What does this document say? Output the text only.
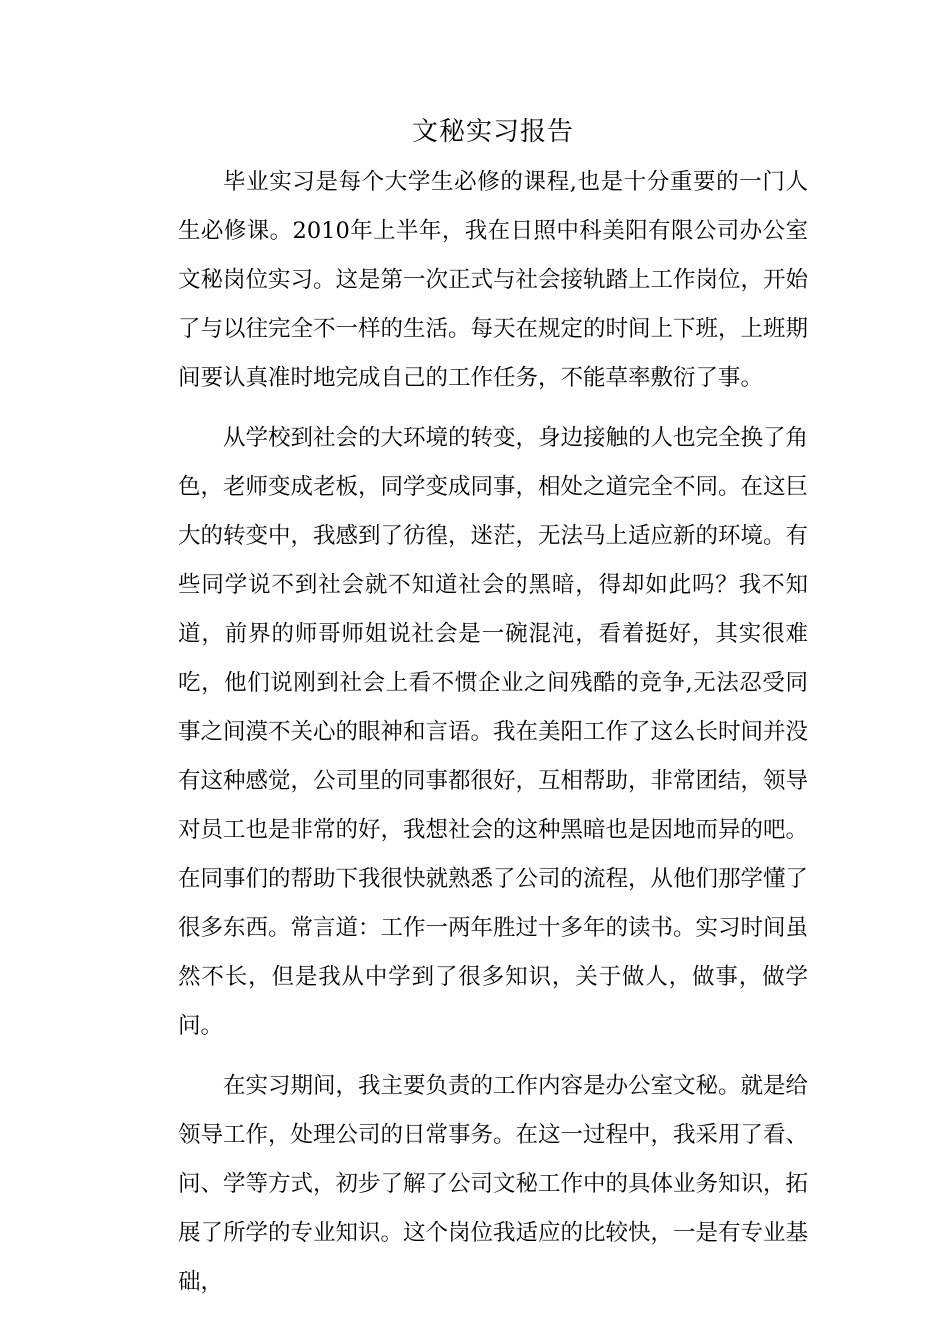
文秘实习报告

毕业实习是每个大学生必修的课程,也是十分重要的一门人生必修课。2010年上半年，我在日照中科美阳有限公司办公室文秘岗位实习。这是第一次正式与社会接轨踏上工作岗位，开始了与以往完全不一样的生活。每天在规定的时间上下班，上班期间要认真准时地完成自己的工作任务，不能草率敷衍了事。

从学校到社会的大环境的转变，身边接触的人也完全换了角色，老师变成老板，同学变成同事，相处之道完全不同。在这巨大的转变中，我感到了彷徨，迷茫，无法马上适应新的环境。有些同学说不到社会就不知道社会的黑暗，得却如此吗？我不知道，前界的师哥师姐说社会是一碗混沌，看着挺好，其实很难吃，他们说刚到社会上看不惯企业之间残酷的竞争,无法忍受同事之间漠不关心的眼神和言语。我在美阳工作了这么长时间并没有这种感觉，公司里的同事都很好，互相帮助，非常团结，领导对员工也是非常的好，我想社会的这种黑暗也是因地而异的吧。在同事们的帮助下我很快就熟悉了公司的流程，从他们那学懂了很多东西。常言道：工作一两年胜过十多年的读书。实习时间虽然不长，但是我从中学到了很多知识，关于做人，做事，做学问。

在实习期间，我主要负责的工作内容是办公室文秘。就是给领导工作，处理公司的日常事务。在这一过程中，我采用了看、问、学等方式，初步了解了公司文秘工作中的具体业务知识，拓展了所学的专业知识。这个岗位我适应的比较快，一是有专业基础，
